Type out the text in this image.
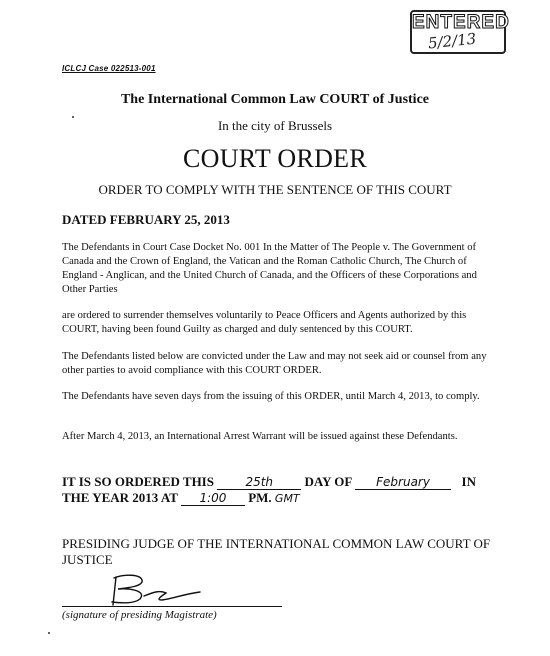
ENTERED
5/2/13
ICLCJ Case 022513-001
The International Common Law COURT of Justice
In the city of Brussels
COURT ORDER
ORDER TO COMPLY WITH THE SENTENCE OF THIS COURT
DATED FEBRUARY 25, 2013

The Defendants in Court Case Docket No. 001 In the Matter of The People v. The Government of Canada and the Crown of England, the Vatican and the Roman Catholic Church, The Church of England - Anglican, and the United Church of Canada, and the Officers of these Corporations and Other Parties

are ordered to surrender themselves voluntarily to Peace Officers and Agents authorized by this COURT, having been found Guilty as charged and duly sentenced by this COURT.

The Defendants listed below are convicted under the Law and may not seek aid or counsel from any other parties to avoid compliance with this COURT ORDER.

The Defendants have seven days from the issuing of this ORDER, until March 4, 2013, to comply.

After March 4, 2013, an International Arrest Warrant will be issued against these Defendants.

IT IS SO ORDERED THIS	25th DAY OF February IN
THE YEAR 2013 AT 1:00 PM. GMT
PRESIDING JUDGE OF THE INTERNATIONAL COMMON LAW COURT OF JUSTICE
(signature of presiding Magistrate)
